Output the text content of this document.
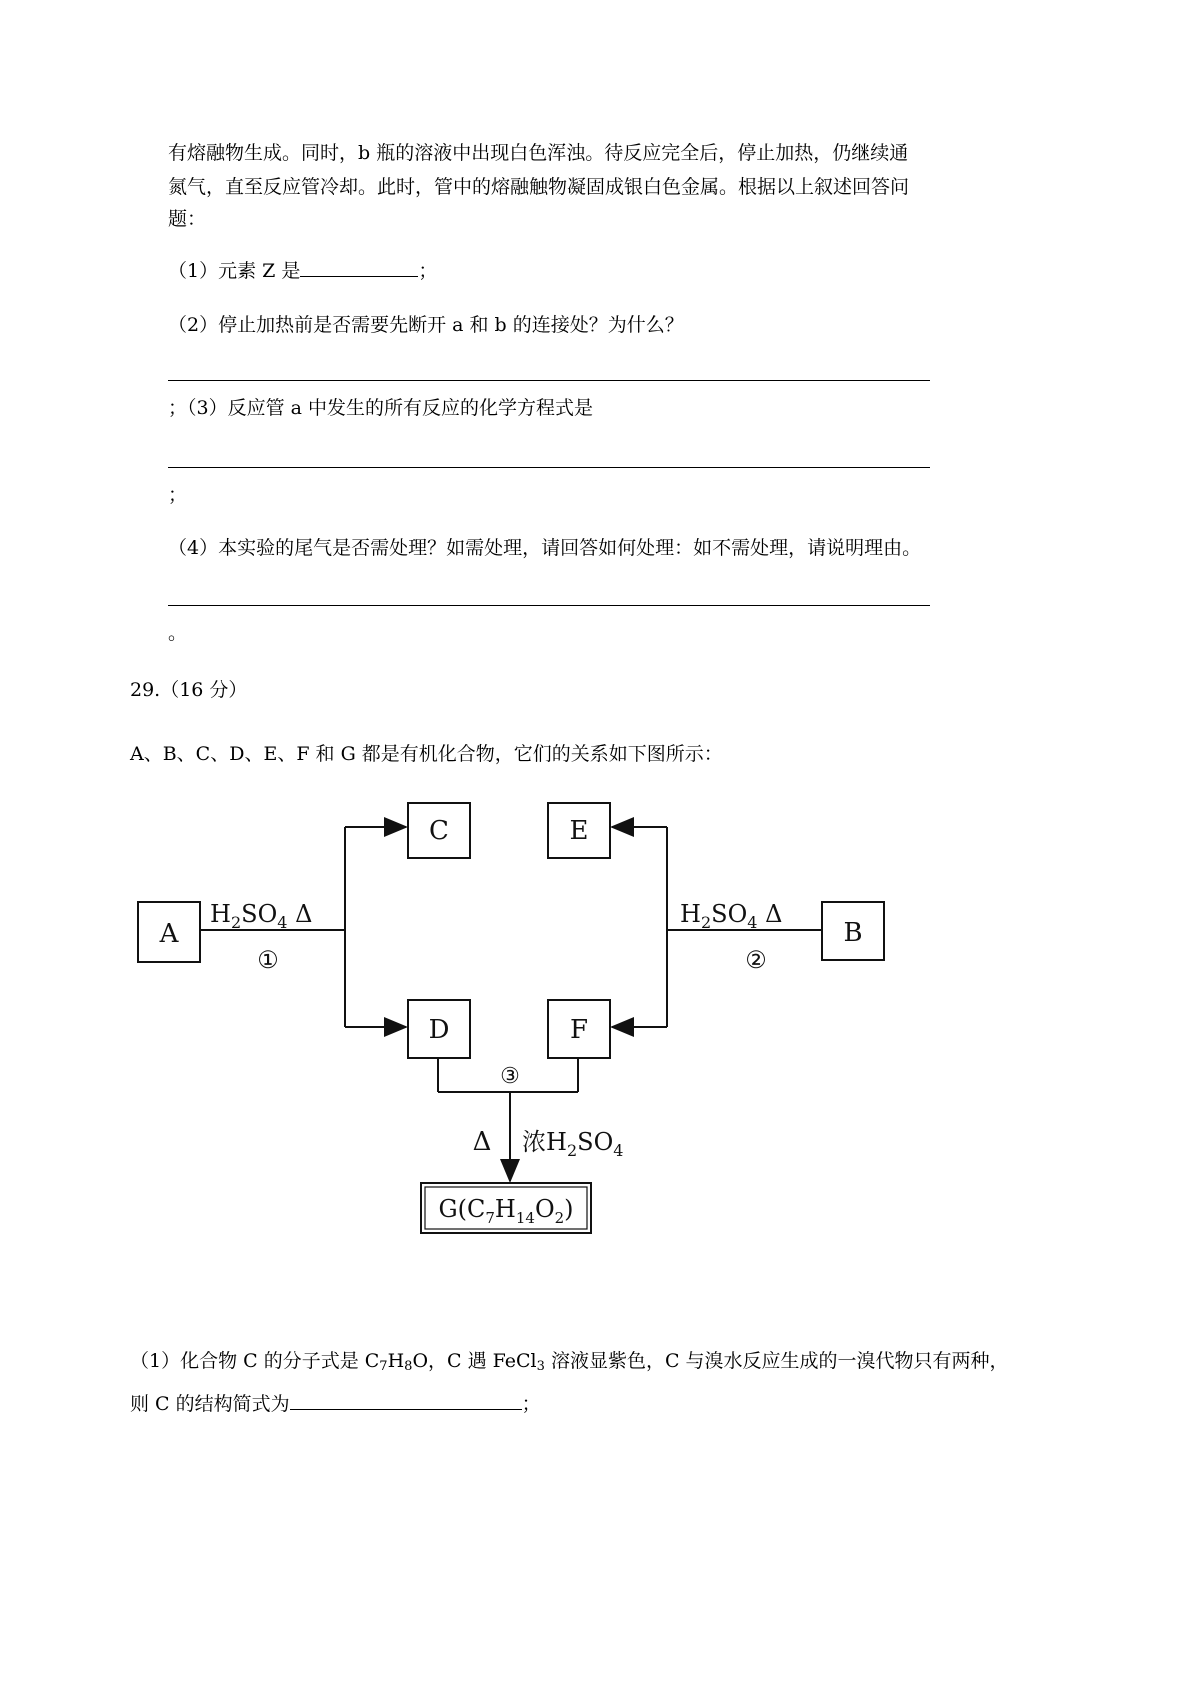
有熔融物生成。同时，b 瓶的溶液中出现白色浑浊。待反应完全后，停止加热，仍继续通
氮气，直至反应管冷却。此时，管中的熔融触物凝固成银白色金属。根据以上叙述回答问
题：
（1）元素 Z 是	；
（2）停止加热前是否需要先断开 a 和 b 的连接处？为什么？
；（3）反应管 a 中发生的所有反应的化学方程式是
；
（4）本实验的尾气是否需处理？如需处理，请回答如何处理：如不需处理，请说明理由。
。
29.（16 分）
A、B、C、D、E、F 和 G 都是有机化合物，它们的关系如下图所示：
A
C
D
E
F
B
$H_2SO_4$ Δ
①
$H_2SO_4$ Δ
②
③
Δ 浓$H_2SO_4$
$G(C_7H_{14}O_2)$
（1）化合物 C 的分子式是 $C_7H_8O$，C 遇 FeCl$_3$ 溶液显紫色，C 与溴水反应生成的一溴代物只有两种，
则 C 的结构简式为	；
